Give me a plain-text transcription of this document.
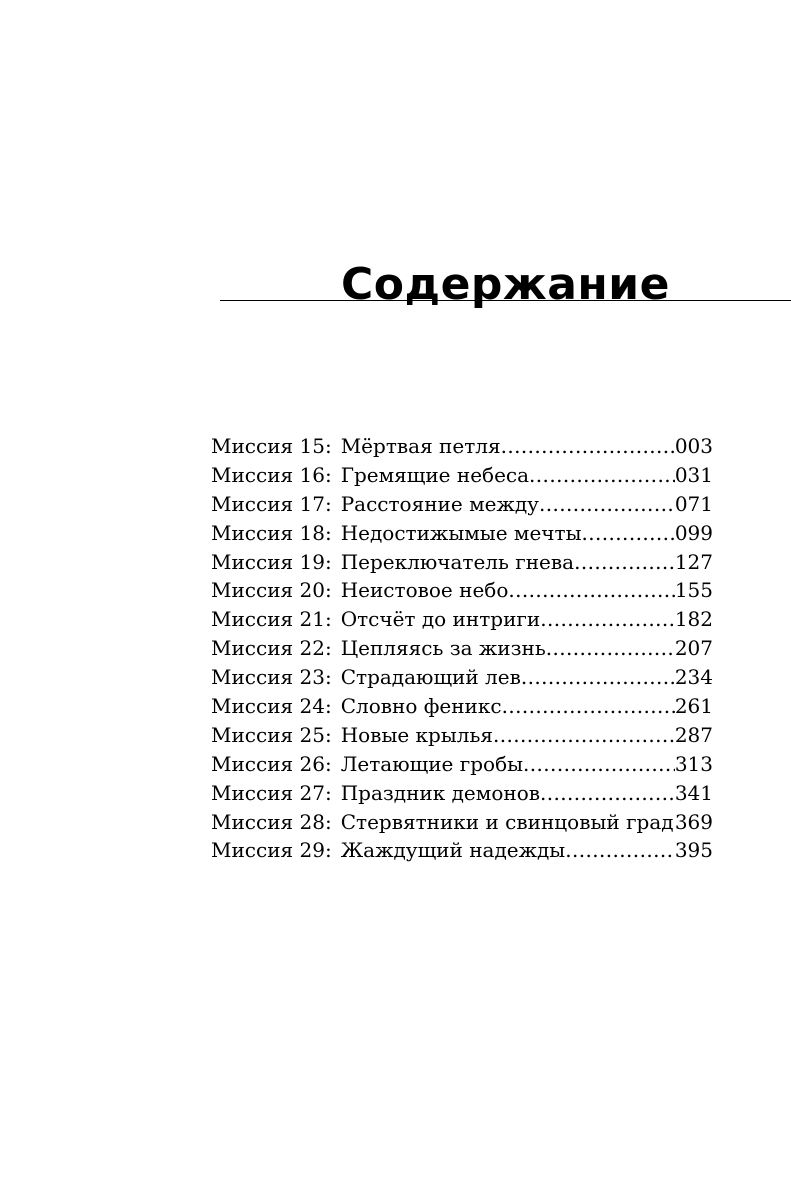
Содержание
Миссия 15: Мёртвая петля .....	003
Миссия 16: Гремящие небеса .....	031
Миссия 17: Расстояние между .....	071
Миссия 18: Недостижымые мечты .....	099
Миссия 19: Переключатель гнева .....	127
Миссия 20: Неистовое небо .....	155
Миссия 21: Отсчёт до интриги .....	182
Миссия 22: Цепляясь за жизнь .....	207
Миссия 23: Страдающий лев .....	234
Миссия 24: Словно феникс .....	261
Миссия 25: Новые крылья .....	287
Миссия 26: Летающие гробы .....	313
Миссия 27: Праздник демонов .....	341
Миссия 28: Стервятники и свинцовый град ..... 369
Миссия 29: Жаждущий надежды .....	395
